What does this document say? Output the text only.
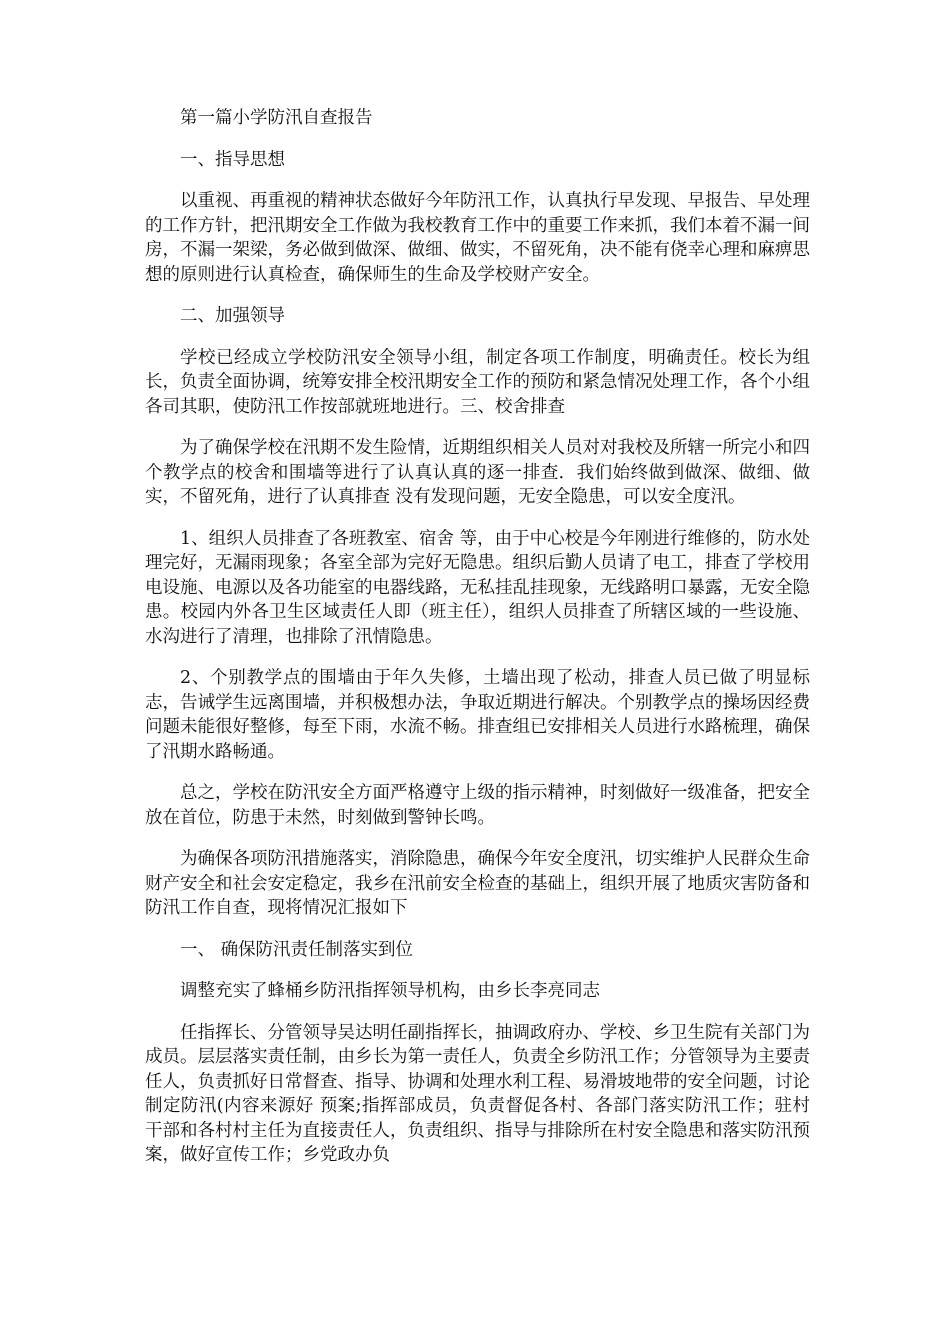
第一篇小学防汛自查报告

一、指导思想

以重视、再重视的精神状态做好今年防汛工作，认真执行早发现、早报告、早处理的工作方针，把汛期安全工作做为我校教育工作中的重要工作来抓，我们本着不漏一间房，不漏一架梁，务必做到做深、做细、做实，不留死角，决不能有侥幸心理和麻痹思想的原则进行认真检查，确保师生的生命及学校财产安全。

二、加强领导

学校已经成立学校防汛安全领导小组，制定各项工作制度，明确责任。校长为组长，负责全面协调，统筹安排全校汛期安全工作的预防和紧急情况处理工作，各个小组各司其职，使防汛工作按部就班地进行。三、校舍排查

为了确保学校在汛期不发生险情，近期组织相关人员对对我校及所辖一所完小和四个教学点的校舍和围墙等进行了认真认真的逐一排查．我们始终做到做深、做细、做实，不留死角，进行了认真排查 没有发现问题，无安全隐患，可以安全度汛。

1、组织人员排查了各班教室、宿舍 等，由于中心校是今年刚进行维修的，防水处理完好，无漏雨现象；各室全部为完好无隐患。组织后勤人员请了电工，排查了学校用电设施、电源以及各功能室的电器线路，无私挂乱挂现象，无线路明口暴露，无安全隐患。校园内外各卫生区域责任人即（班主任），组织人员排查了所辖区域的一些设施、水沟进行了清理，也排除了汛情隐患。

2、个别教学点的围墙由于年久失修，土墙出现了松动，排查人员已做了明显标志，告诫学生远离围墙，并积极想办法，争取近期进行解决。个别教学点的操场因经费问题未能很好整修，每至下雨，水流不畅。排查组已安排相关人员进行水路梳理，确保了汛期水路畅通。

总之，学校在防汛安全方面严格遵守上级的指示精神，时刻做好一级准备，把安全放在首位，防患于未然，时刻做到警钟长鸣。

为确保各项防汛措施落实，消除隐患，确保今年安全度汛，切实维护人民群众生命财产安全和社会安定稳定，我乡在汛前安全检查的基础上，组织开展了地质灾害防备和防汛工作自查，现将情况汇报如下

一、 确保防汛责任制落实到位

调整充实了蜂桶乡防汛指挥领导机构，由乡长李亮同志

任指挥长、分管领导吴达明任副指挥长，抽调政府办、学校、乡卫生院有关部门为成员。层层落实责任制，由乡长为第一责任人，负责全乡防汛工作；分管领导为主要责任人，负责抓好日常督查、指导、协调和处理水利工程、易滑坡地带的安全问题，讨论制定防汛(内容来源好 预案;指挥部成员，负责督促各村、各部门落实防汛工作；驻村干部和各村村主任为直接责任人，负责组织、指导与排除所在村安全隐患和落实防汛预案，做好宣传工作；乡党政办负
